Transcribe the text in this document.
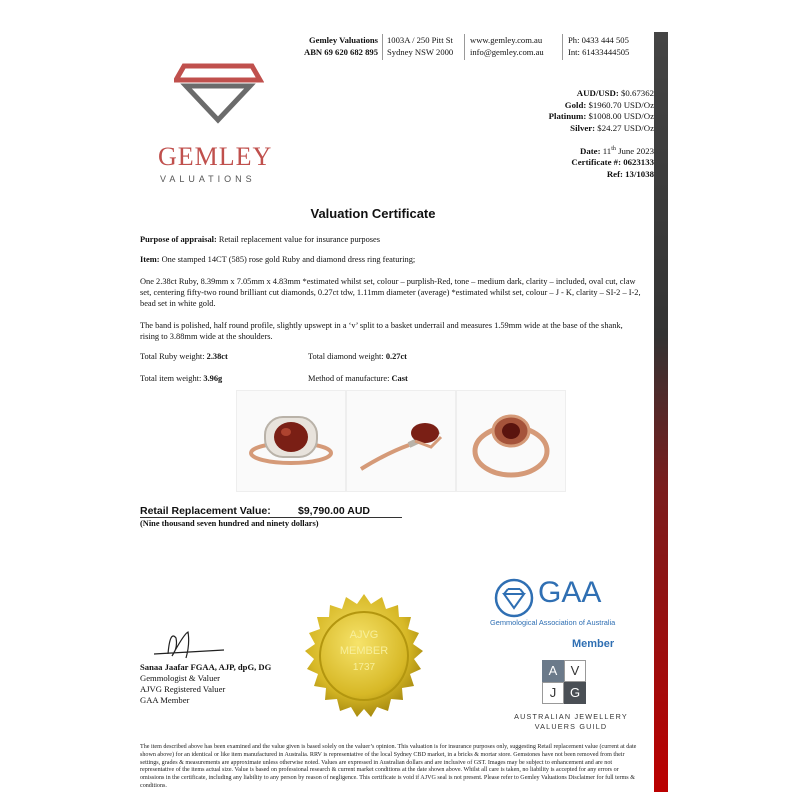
Gemley Valuations
ABN 69 620 682 895
1003A / 250 Pitt St
Sydney NSW 2000
www.gemley.com.au
info@gemley.com.au
Ph: 0433 444 505
Int: 61433444505
GEMLEY
VALUATIONS
AUD/USD: $0.67362
Gold: $1960.70 USD/Oz
Platinum: $1008.00 USD/Oz
Silver: $24.27 USD/Oz
Date: 11th June 2023
Certificate #: 0623133
Ref: 13/1038
Valuation Certificate
Purpose of appraisal: Retail replacement value for insurance purposes
Item: One stamped 14CT (585) rose gold Ruby and diamond dress ring featuring;
One 2.38ct Ruby, 8.39mm x 7.05mm x 4.83mm *estimated whilst set, colour – purplish-Red, tone – medium dark, clarity – included, oval cut, claw set, centering fifty-two round brilliant cut diamonds, 0.27ct tdw, 1.11mm diameter (average) *estimated whilst set, colour – J - K, clarity – SI-2 – I-2, bead set in white gold.
The band is polished, half round profile, slightly upswept in a ‘v’ split to a basket underrail and measures 1.59mm wide at the base of the shank, rising to 3.88mm wide at the shoulders.
Total Ruby weight: 2.38ct	Total diamond weight: 0.27ct
Total item weight: 3.96g	Method of manufacture: Cast
Retail Replacement Value:	$9,790.00 AUD
(Nine thousand seven hundred and ninety dollars)
Sanaa Jaafar FGAA, AJP, dpG, DG
Gemmologist & Valuer
AJVG Registered Valuer
GAA Member
AJVG
MEMBER
1737
GAA
Gemmological Association of Australia
Member
A	V
J	G
AUSTRALIAN JEWELLERY
VALUERS GUILD
The item described above has been examined and the value given is based solely on the valuer’s opinion. This valuation is for insurance purposes only, suggesting Retail replacement value (current at date shown above) for an identical or like item manufactured in Australia. RRV is representative of the local Sydney CBD market, in a bricks & mortar store. Gemstones have not been removed from their settings, grades & measurements are approximate unless otherwise noted. Values are expressed in Australian dollars and are inclusive of GST. Images may be subject to enhancement and are not representative of the items actual size. Value is based on professional research & current market conditions at the date shown above. Whilst all care is taken, no liability is accepted for any errors or omissions in the certificate, including any liability to any person by reason of negligence. This certificate is void if AJVG seal is not present. Please refer to Gemley Valuations Disclaimer for full terms & conditions.
